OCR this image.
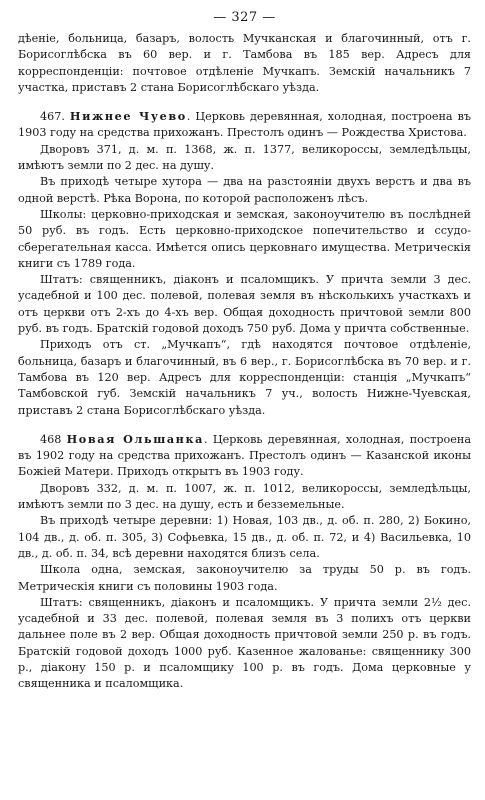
— 327 —

дѣеніе, больница, базаръ, волость Мучканская и благочинный, отъ г. Борисоглѣбска въ 60 вер. и г. Тамбова въ 185 вер. Адресъ для корреспонденціи: почтовое отдѣленіе Мучкапъ. Земскій начальникъ 7 участка, приставъ 2 стана Борисоглѣбскаго уѣзда.

467. Нижнее Чуево. Церковь деревянная, холодная, построена въ 1903 году на средства прихожанъ. Престолъ одинъ — Рождества Христова.

Дворовъ 371, д. м. п. 1368, ж. п. 1377, великороссы, земледѣльцы, имѣютъ земли по 2 дес. на душу.

Въ приходѣ четыре хутора — два на разстояніи двухъ верстъ и два въ одной верстѣ. Рѣка Ворона, по которой расположенъ лѣсъ.

Школы: церковно-приходская и земская, законоучителю въ послѣдней 50 руб. въ годъ. Есть церковно-приходское попечительство и ссудо-сберегательная касса. Имѣется опись церковнаго имущества. Метрическія книги съ 1789 года.

Штатъ: священникъ, діаконъ и псаломщикъ. У причта земли 3 дес. усадебной и 100 дес. полевой, полевая земля въ нѣсколькихъ участкахъ и отъ церкви отъ 2-хъ до 4-хъ вер. Общая доходность причтовой земли 800 руб. въ годъ. Братскій годовой доходъ 750 руб. Дома у причта собственные.

Приходъ отъ ст. „Мучкапъ“, гдѣ находятся почтовое отдѣленіе, больница, базаръ и благочинный, въ 6 вер., г. Борисоглѣбска въ 70 вер. и г. Тамбова въ 120 вер. Адресъ для корреспонденціи: станція „Мучкапъ“ Тамбовской губ. Земскій начальникъ 7 уч., волость Нижне-Чуевская, приставъ 2 стана Борисоглѣбскаго уѣзда.

468 Новая Ольшанка. Церковь деревянная, холодная, построена въ 1902 году на средства прихожанъ. Престолъ одинъ — Казанской иконы Божіей Матери. Приходъ открытъ въ 1903 году.

Дворовъ 332, д. м. п. 1007, ж. п. 1012, великороссы, земледѣльцы, имѣютъ земли по 3 дес. на душу, есть и безземельные.

Въ приходѣ четыре деревни: 1) Новая, 103 дв., д. об. п. 280, 2) Бокино, 104 дв., д. об. п. 305, 3) Софьевка, 15 дв., д. об. п. 72, и 4) Васильевка, 10 дв., д. об. п. 34, всѣ деревни находятся близъ села.

Школа одна, земская, законоучителю за труды 50 р. въ годъ. Метрическія книги съ половины 1903 года.

Штатъ: священникъ, діаконъ и псаломщикъ. У причта земли 2½ дес. усадебной и 33 дес. полевой, полевая земля въ 3 полихъ отъ церкви дальнее поле въ 2 вер. Общая доходность причтовой земли 250 р. въ годъ. Братскій годовой доходъ 1000 руб. Казенное жалованье: священнику 300 р., діакону 150 р. и псаломщику 100 р. въ годъ. Дома церковные у священника и псаломщика.
